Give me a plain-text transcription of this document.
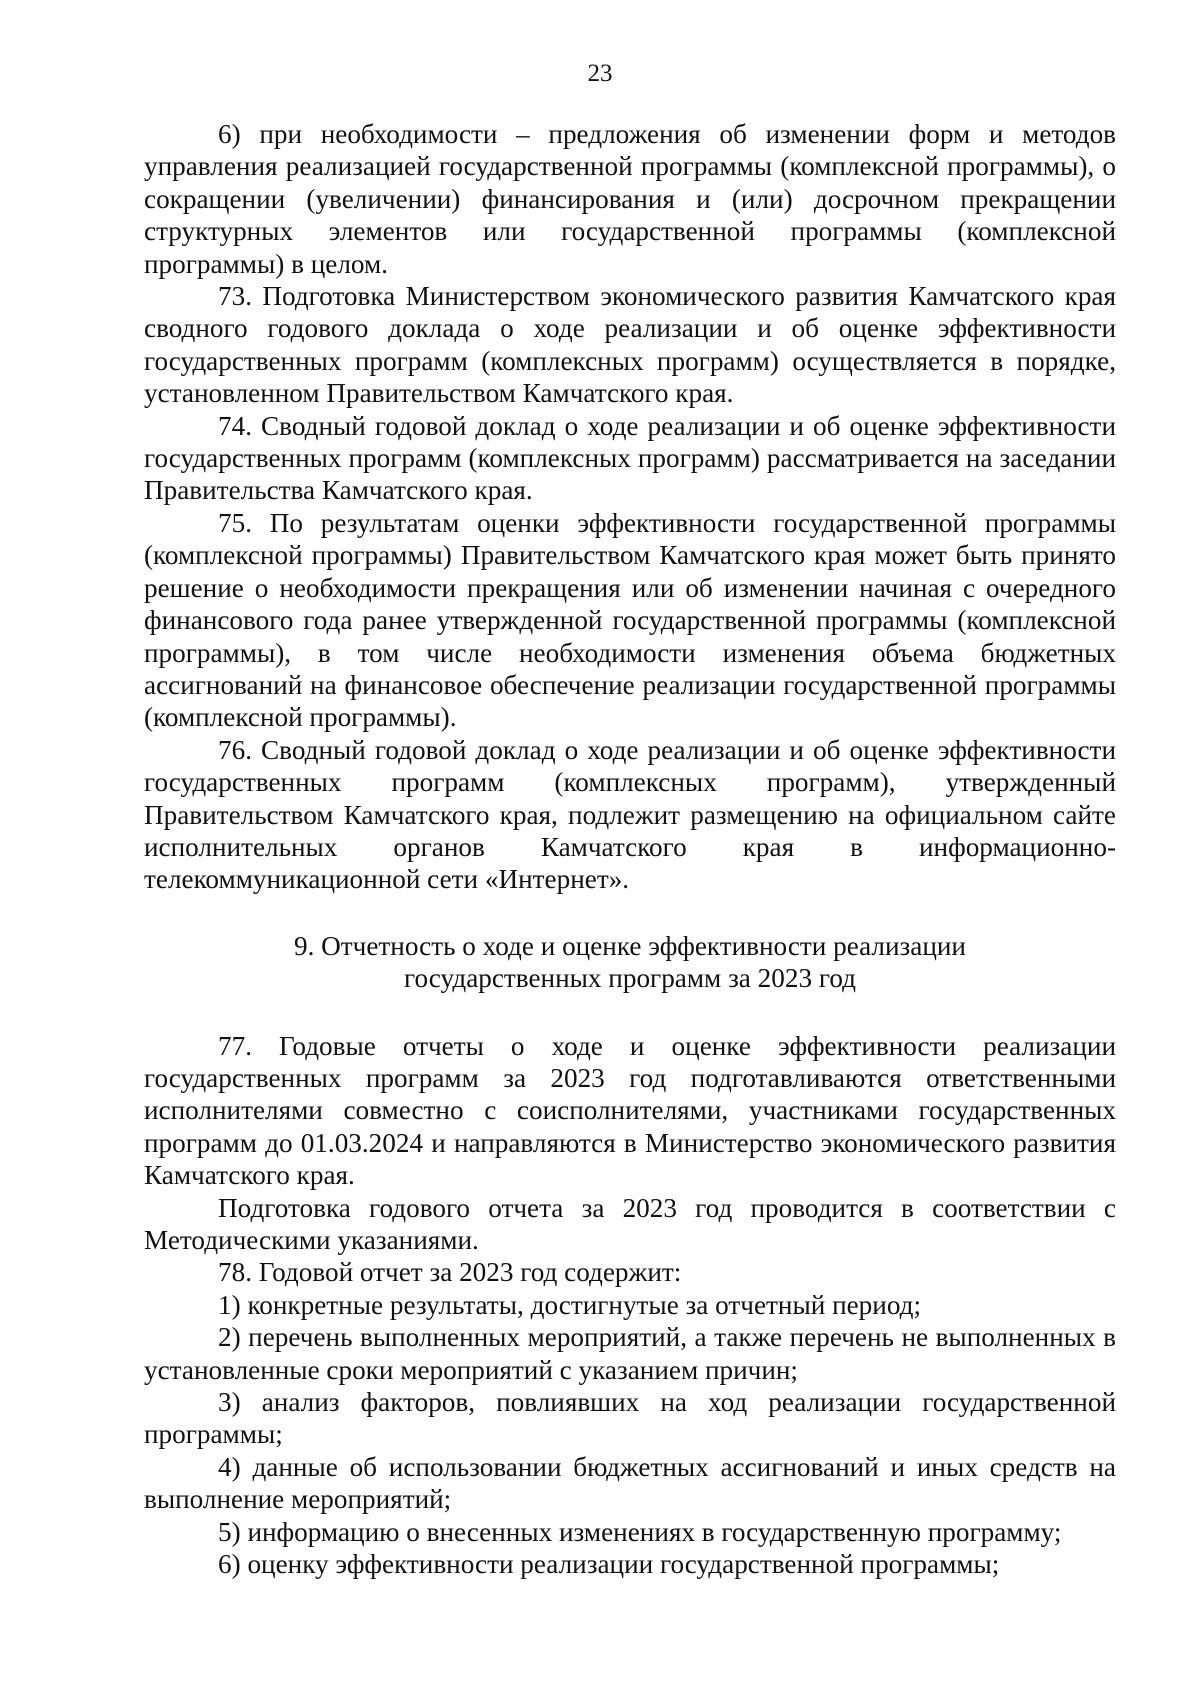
23

6) при необходимости – предложения об изменении форм и методов управления реализацией государственной программы (комплексной программы), о сокращении (увеличении) финансирования и (или) досрочном прекращении структурных элементов или государственной программы (комплексной программы) в целом.

73. Подготовка Министерством экономического развития Камчатского края сводного годового доклада о ходе реализации и об оценке эффективности государственных программ (комплексных программ) осуществляется в порядке, установленном Правительством Камчатского края.

74. Сводный годовой доклад о ходе реализации и об оценке эффективности государственных программ (комплексных программ) рассматривается на заседании Правительства Камчатского края.

75. По результатам оценки эффективности государственной программы (комплексной программы) Правительством Камчатского края может быть принято решение о необходимости прекращения или об изменении начиная с очередного финансового года ранее утвержденной государственной программы (комплексной программы), в том числе необходимости изменения объема бюджетных ассигнований на финансовое обеспечение реализации государственной программы (комплексной программы).

76. Сводный годовой доклад о ходе реализации и об оценке эффективности государственных программ (комплексных программ), утвержденный Правительством Камчатского края, подлежит размещению на официальном сайте исполнительных органов Камчатского края в информационно-телекоммуникационной сети «Интернет».

9. Отчетность о ходе и оценке эффективности реализации
государственных программ за 2023 год

77. Годовые отчеты о ходе и оценке эффективности реализации государственных программ за 2023 год подготавливаются ответственными исполнителями совместно с соисполнителями, участниками государственных программ до 01.03.2024 и направляются в Министерство экономического развития Камчатского края.

Подготовка годового отчета за 2023 год проводится в соответствии с Методическими указаниями.

78. Годовой отчет за 2023 год содержит:

1) конкретные результаты, достигнутые за отчетный период;

2) перечень выполненных мероприятий, а также перечень не выполненных в установленные сроки мероприятий с указанием причин;

3) анализ факторов, повлиявших на ход реализации государственной программы;

4) данные об использовании бюджетных ассигнований и иных средств на выполнение мероприятий;

5) информацию о внесенных изменениях в государственную программу;

6) оценку эффективности реализации государственной программы;
